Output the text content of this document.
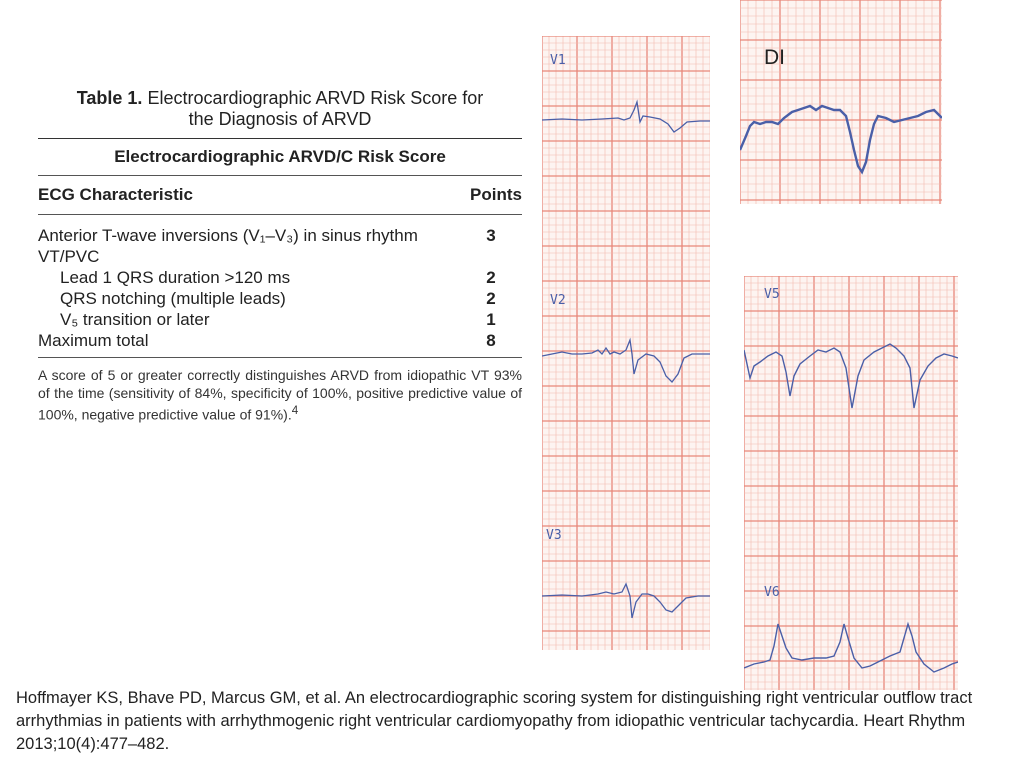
Table 1. Electrocardiographic ARVD Risk Score for
the Diagnosis of ARVD
Electrocardiographic ARVD/C Risk Score
ECG Characteristic	Points
Anterior T-wave inversions (V₁–V₃) in sinus rhythm	3
VT/PVC
Lead 1 QRS duration >120 ms	2
QRS notching (multiple leads)	2
V₅ transition or later	1
Maximum total	8
A score of 5 or greater correctly distinguishes ARVD from idiopathic VT 93% of the time (sensitivity of 84%, specificity of 100%, positive predictive value of 100%, negative predictive value of 91%).$^4$
V1
V2
V3
DI
V5
V6
Hoffmayer KS, Bhave PD, Marcus GM, et al. An electrocardiographic scoring system for distinguishing right ventricular outflow tract arrhythmias in patients with arrhythmogenic right ventricular cardiomyopathy from idiopathic ventricular tachycardia. Heart Rhythm 2013;10(4):477–482.
